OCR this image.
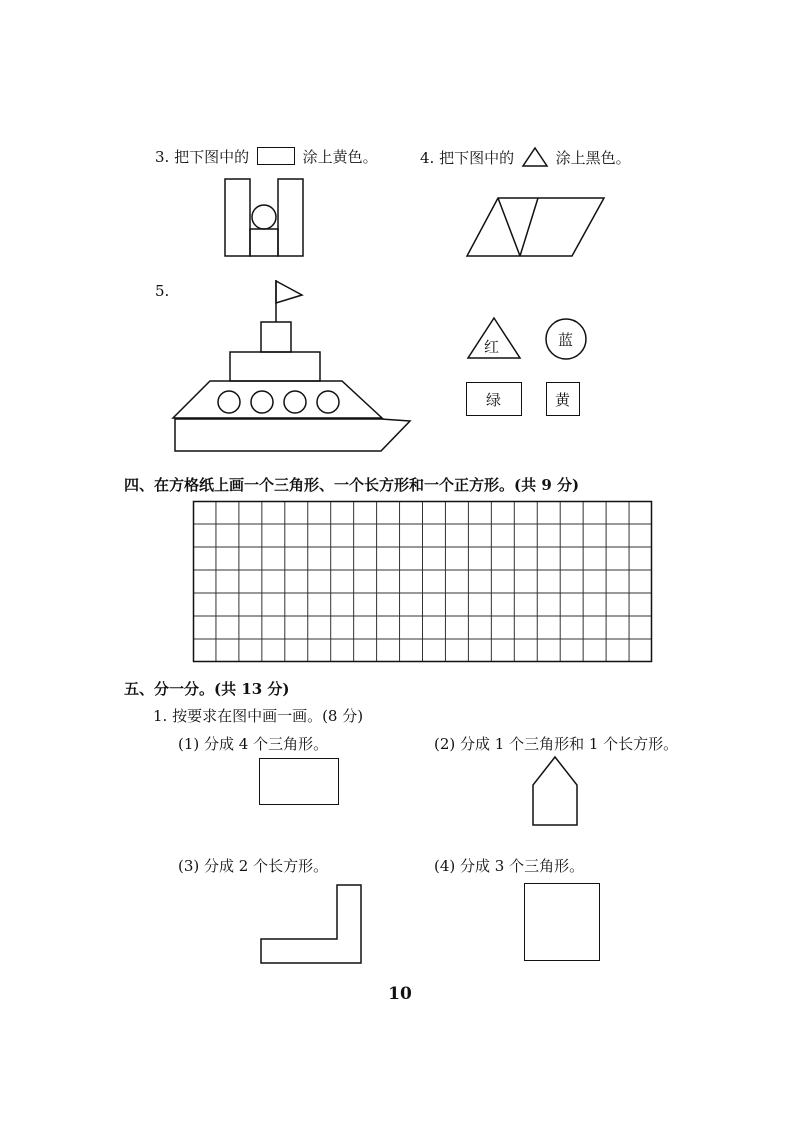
3. 把下图中的	涂上黄色。	4. 把下图中的	涂上黑色。
5.
红	蓝
绿	黄
四、在方格纸上画一个三角形、一个长方形和一个正方形。(共 9 分)
五、分一分。(共 13 分)
1. 按要求在图中画一画。(8 分)
(1) 分成 4 个三角形。	(2) 分成 1 个三角形和 1 个长方形。
(3) 分成 2 个长方形。	(4) 分成 3 个三角形。
10
